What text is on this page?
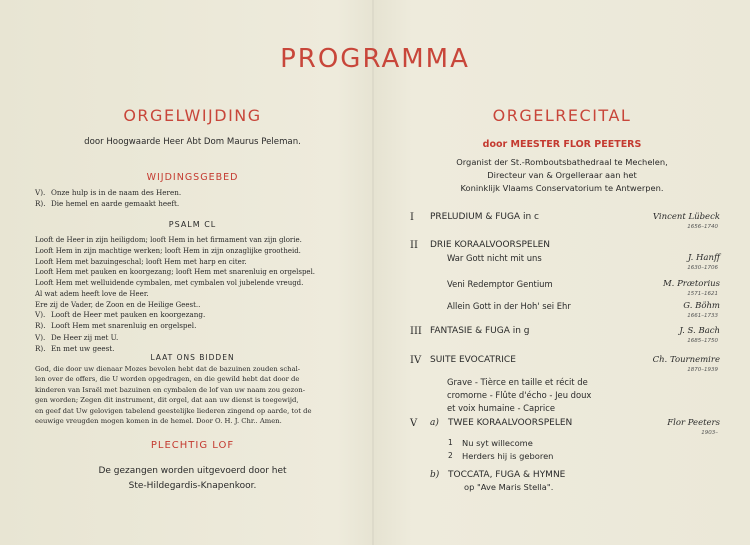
PROGRAMMA
ORGELWIJDING

door Hoogwaarde Heer Abt Dom Maurus Peleman.

WIJDINGSGEBED

V). Onze hulp is in de naam des Heren.
R). Die hemel en aarde gemaakt heeft.

PSALM CL

Looft de Heer in zijn heiligdom; looft Hem in het firmament van zijn glorie.
Looft Hem in zijn machtige werken; looft Hem in zijn onzaglijke grootheid.
Looft Hem met bazuingeschal; looft Hem met harp en citer.
Looft Hem met pauken en koorgezang; looft Hem met snarenluig en orgelspel.
Looft Hem met welluidende cymbalen, met cymbalen vol jubelende vreugd.
Al wat adem heeft love de Heer.
Ere zij de Vader, de Zoon en de Heilige Geest..
V). Looft de Heer met pauken en koorgezang.
R). Looft Hem met snarenluig en orgelspel.
V). De Heer zij met U.
R). En met uw geest.

LAAT ONS BIDDEN

God, die door uw dienaar Mozes bevolen hebt dat de bazuinen zouden schal-
len over de offers, die U worden opgedragen, en die gewild hebt dat door de
kinderen van Israël met bazuinen en cymbalen de lof van uw naam zou gezon-
gen worden; Zegen dit instrument, dit orgel, dat aan uw dienst is toegewijd,
en geef dat Uw gelovigen tabelend geestelijke liederen zingend op aarde, tot de
eeuwige vreugden mogen komen in de hemel. Door O. H. J. Chr.. Amen.

PLECHTIG LOF

De gezangen worden uitgevoerd door het

Ste-Hildegardis-Knapenkoor.

ORGELRECITAL

door MEESTER FLOR PEETERS

Organist der St.-Romboutsbathedraal te Mechelen,

Directeur van & Orgelleraar aan het

Koninklijk Vlaams Conservatorium te Antwerpen.

I PRELUDIUM & FUGA in c	Vincent Lübeck
1656–1740
II DRIE KORAALVOORSPELEN
War Gott nicht mit uns	J. Hanff
1630–1706
Veni Redemptor Gentium	M. Prætorius
1571–1621
Allein Gott in der Hoh' sei Ehr	G. Böhm
1661–1733
III FANTASIE & FUGA in g	J. S. Bach
1685–1750
IV SUITE EVOCATRICE	Ch. Tournemire
1870–1939
Grave - Tièrce en taille et récit de
cromorne - Flûte d'écho - Jeu doux
et voix humaine - Caprice
V a) TWEE KORAALVOORSPELEN	Flor Peeters
1903–
1 Nu syt willecome
2 Herders hij is geboren
b) TOCCATA, FUGA & HYMNE
op "Ave Maris Stella".
